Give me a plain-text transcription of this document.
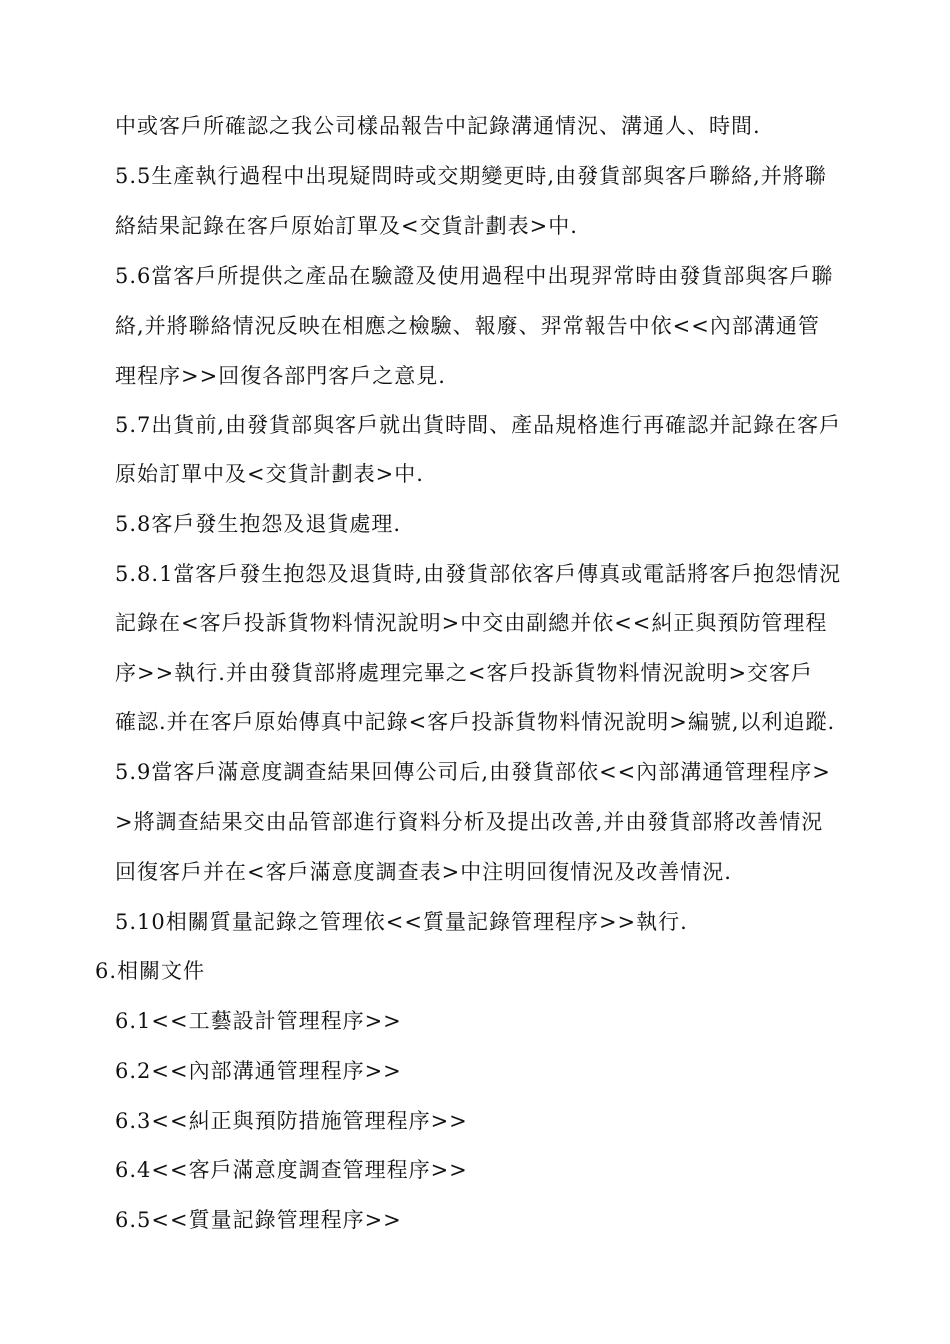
中或客戶所確認之我公司樣品報告中記錄溝通情況、溝通人、時間.
5.5生產執行過程中出現疑問時或交期變更時,由發貨部與客戶聯絡,并將聯
絡結果記錄在客戶原始訂單及<交貨計劃表>中.
5.6當客戶所提供之產品在驗證及使用過程中出現羿常時由發貨部與客戶聯
絡,并將聯絡情況反映在相應之檢驗、報廢、羿常報告中依<<內部溝通管
理程序>>回復各部門客戶之意見.
5.7出貨前,由發貨部與客戶就出貨時間、產品規格進行再確認并記錄在客戶
原始訂單中及<交貨計劃表>中.
5.8客戶發生抱怨及退貨處理.
5.8.1當客戶發生抱怨及退貨時,由發貨部依客戶傳真或電話將客戶抱怨情況
記錄在<客戶投訴貨物料情況說明>中交由副總并依<<糾正與預防管理程
序>>執行.并由發貨部將處理完畢之<客戶投訴貨物料情況說明>交客戶
確認.并在客戶原始傳真中記錄<客戶投訴貨物料情況說明>編號,以利追蹤.
5.9當客戶滿意度調查結果回傳公司后,由發貨部依<<內部溝通管理程序>
>將調查結果交由品管部進行資料分析及提出改善,并由發貨部將改善情況
回復客戶并在<客戶滿意度調查表>中注明回復情況及改善情況.
5.10相關質量記錄之管理依<<質量記錄管理程序>>執行.
6.相關文件
6.1<<工藝設計管理程序>>
6.2<<內部溝通管理程序>>
6.3<<糾正與預防措施管理程序>>
6.4<<客戶滿意度調查管理程序>>
6.5<<質量記錄管理程序>>
